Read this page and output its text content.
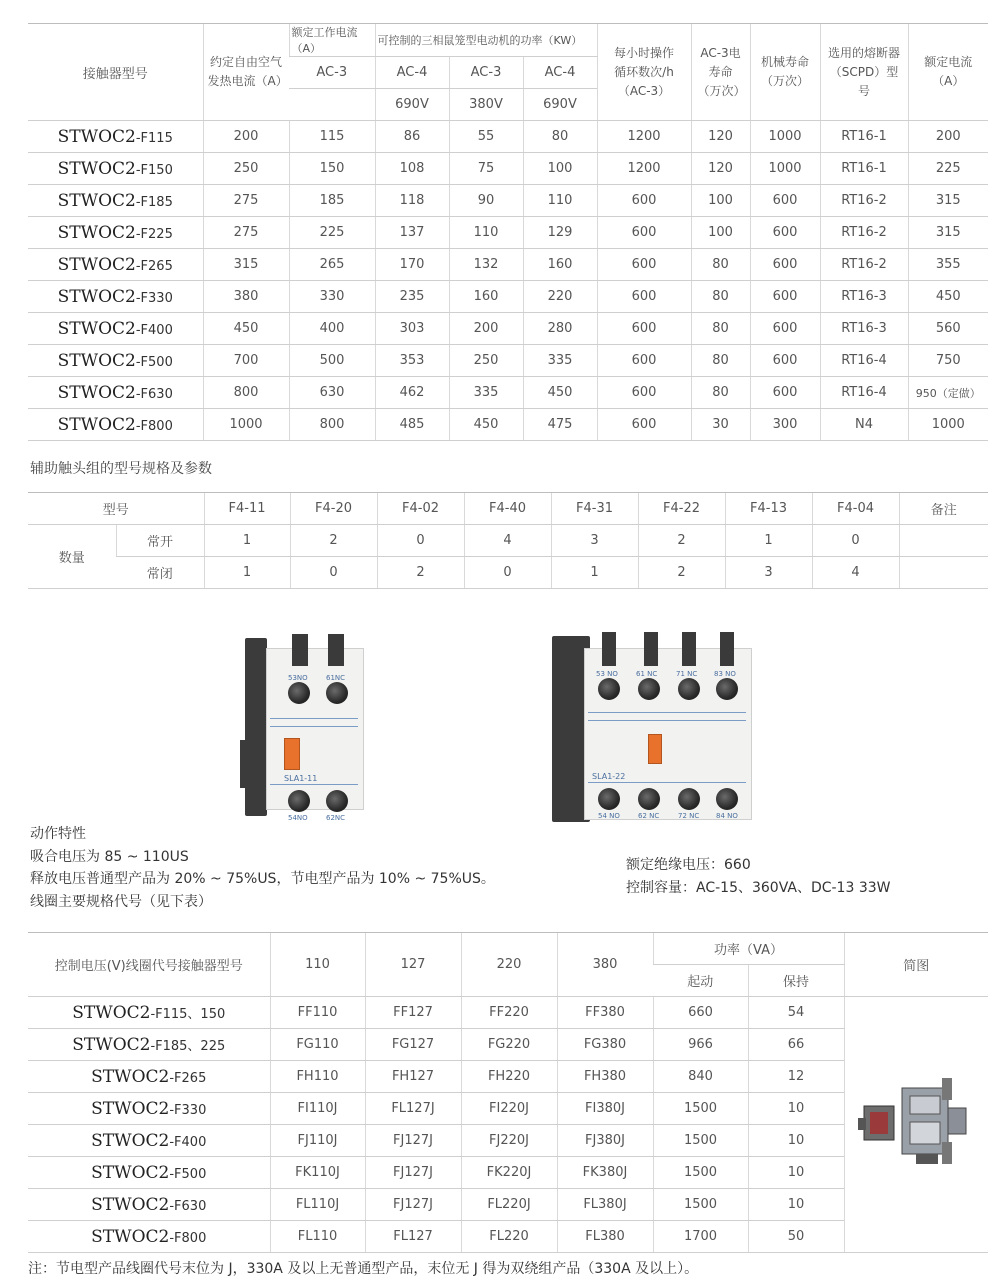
接触器型号	约定自由空气发热电流（A）	额定工作电流（A）	可控制的三相鼠笼型电动机的功率（KW）			每小时操作循环数次/h（AC-3）	AC-3电寿命（万次）	机械寿命（万次）	选用的熔断器（SCPD）型号	额定电流（A）

		AC-3	AC-4	AC-3	AC-4					
			690V	380V	690V					
STWOC2-F115	200	115	86	55	80	1200	120	1000	RT16-1	200
STWOC2-F150	250	150	108	75	100	1200	120	1000	RT16-1	225
STWOC2-F185	275	185	118	90	110	600	100	600	RT16-2	315
STWOC2-F225	275	225	137	110	129	600	100	600	RT16-2	315
STWOC2-F265	315	265	170	132	160	600	80	600	RT16-2	355
STWOC2-F330	380	330	235	160	220	600	80	600	RT16-3	450
STWOC2-F400	450	400	303	200	280	600	80	600	RT16-3	560
STWOC2-F500	700	500	353	250	335	600	80	600	RT16-4	750
STWOC2-F630	800	630	462	335	450	600	80	600	RT16-4	950（定做）
STWOC2-F800	1000	800	485	450	475	600	30	300	N4	1000
辅助触头组的型号规格及参数
型号		F4-11	F4-20	F4-02	F4-40	F4-31	F4-22	F4-13	F4-04	备注
数量	常开	1	2	0	4	3	2	1	0	
	常闭	1	0	2	0	1	2	3	4	
53NO	61NC
SLA1-11
54NO	62NC
53 NO	61 NC	71 NC 83 NO
SLA1-22
54 NO	62 NC	72 NC 84 NO
动作特性
吸合电压为 85 ~ 110US
释放电压普通型产品为 20% ~ 75%US，节电型产品为 10% ~ 75%US。
线圈主要规格代号（见下表）
额定绝缘电压：660
控制容量：AC-15、360VA、DC-13 33W
控制电压(V)线圈代号接触器型号	110	127	220	380	功率（VA）		简图
					起动	保持	
STWOC2-F115、150	FF110	FF127	FF220	FF380	660	54	
STWOC2-F185、225	FG110	FG127	FG220	FG380	966	66	
STWOC2-F265	FH110	FH127	FH220	FH380	840	12	
STWOC2-F330	FI110J	FL127J	FI220J	FI380J	1500	10	
STWOC2-F400	FJ110J	FJ127J	FJ220J	FJ380J	1500	10	
STWOC2-F500	FK110J	FJ127J	FK220J	FK380J	1500	10	
STWOC2-F630	FL110J	FJ127J	FL220J	FL380J	1500	10	
STWOC2-F800	FL110	FL127	FL220	FL380	1700	50	
注：节电型产品线圈代号末位为 J，330A 及以上无普通型产品，末位无 J 得为双绕组产品（330A 及以上）。
